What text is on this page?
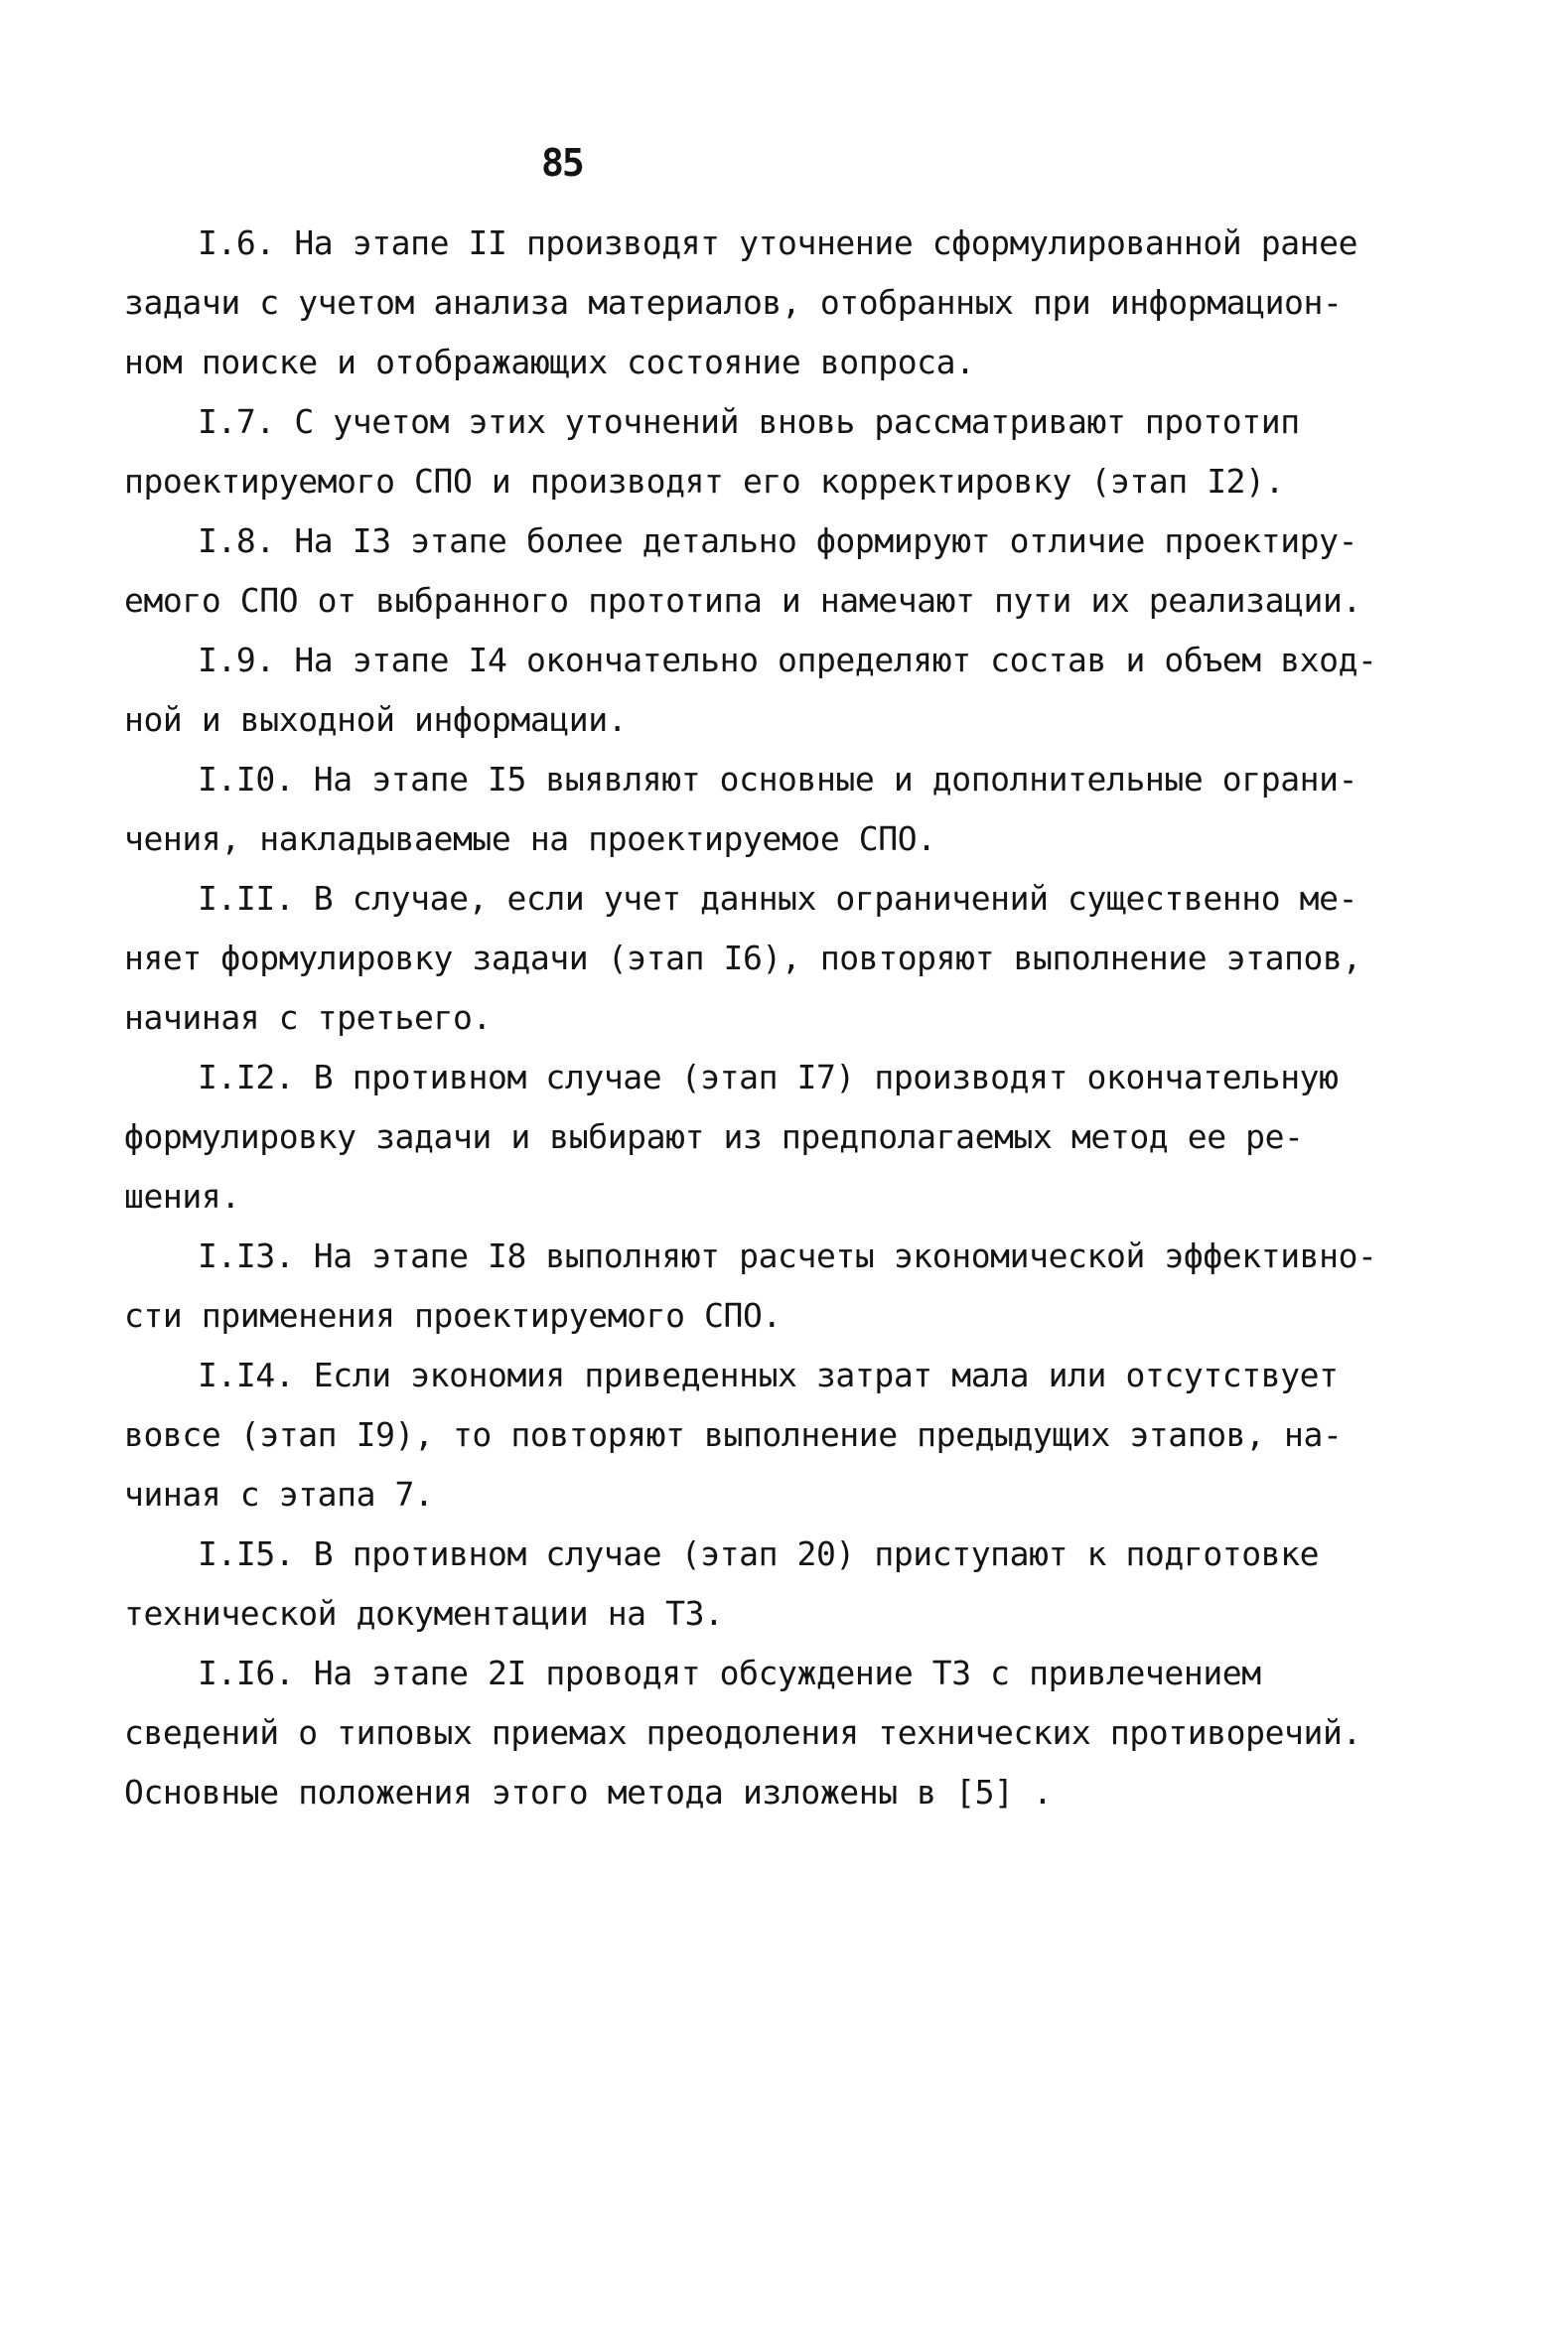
85
I.6. На этапе II производят уточнение сформулированной ранее
задачи с учетом анализа материалов, отобранных при информацион-
ном поиске и отображающих состояние вопроса.
I.7. С учетом этих уточнений вновь рассматривают прототип
проектируемого СПО и производят его корректировку (этап I2).
I.8. На I3 этапе более детально формируют отличие проектиру-
емого СПО от выбранного прототипа и намечают пути их реализации.
I.9. На этапе I4 окончательно определяют состав и объем вход-
ной и выходной информации.
I.I0. На этапе I5 выявляют основные и дополнительные ограни-
чения, накладываемые на проектируемое СПО.
I.II. В случае, если учет данных ограничений существенно ме-
няет формулировку задачи (этап I6), повторяют выполнение этапов,
начиная с третьего.
I.I2. В противном случае (этап I7) производят окончательную
формулировку задачи и выбирают из предполагаемых метод ее ре-
шения.
I.I3. На этапе I8 выполняют расчеты экономической эффективно-
сти применения проектируемого СПО.
I.I4. Если экономия приведенных затрат мала или отсутствует
вовсе (этап I9), то повторяют выполнение предыдущих этапов, на-
чиная с этапа 7.
I.I5. В противном случае (этап 20) приступают к подготовке
технической документации на ТЗ.
I.I6. На этапе 2I проводят обсуждение ТЗ с привлечением
сведений о типовых приемах преодоления технических противоречий.
Основные положения этого метода изложены в [5] .
